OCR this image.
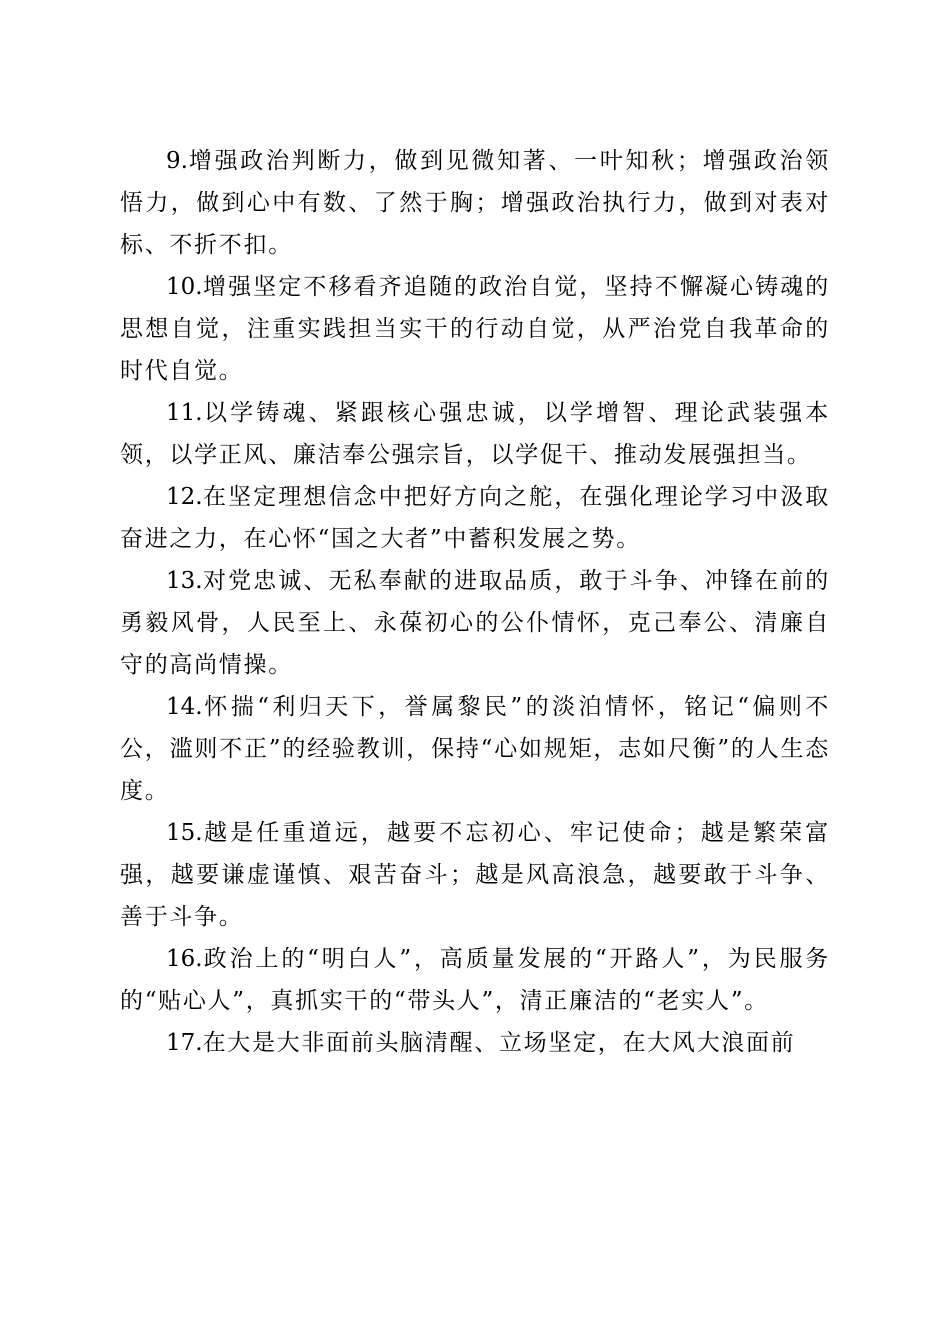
9.增强政治判断力，做到见微知著、一叶知秋；增强政治领悟力，做到心中有数、了然于胸；增强政治执行力，做到对表对标、不折不扣。

10.增强坚定不移看齐追随的政治自觉，坚持不懈凝心铸魂的思想自觉，注重实践担当实干的行动自觉，从严治党自我革命的时代自觉。

11.以学铸魂、紧跟核心强忠诚，以学增智、理论武装强本领，以学正风、廉洁奉公强宗旨，以学促干、推动发展强担当。

12.在坚定理想信念中把好方向之舵，在强化理论学习中汲取奋进之力，在心怀“国之大者”中蓄积发展之势。

13.对党忠诚、无私奉献的进取品质，敢于斗争、冲锋在前的勇毅风骨，人民至上、永葆初心的公仆情怀，克己奉公、清廉自守的高尚情操。

14.怀揣“利归天下，誉属黎民”的淡泊情怀，铭记“偏则不公，滥则不正”的经验教训，保持“心如规矩，志如尺衡”的人生态度。

15.越是任重道远，越要不忘初心、牢记使命；越是繁荣富强，越要谦虚谨慎、艰苦奋斗；越是风高浪急，越要敢于斗争、善于斗争。

16.政治上的“明白人”，高质量发展的“开路人”，为民服务的“贴心人”，真抓实干的“带头人”，清正廉洁的“老实人”。

17.在大是大非面前头脑清醒、立场坚定，在大风大浪面前
